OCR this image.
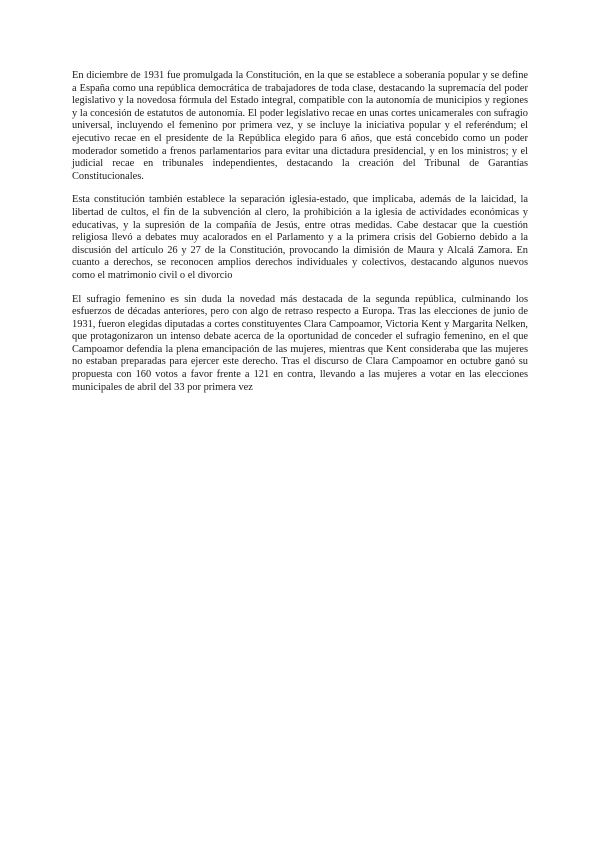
En diciembre de 1931 fue promulgada la Constitución, en la que se establece a soberanía popular y se define a España como una república democrática de trabajadores de toda clase, destacando la supremacía del poder legislativo y la novedosa fórmula del Estado integral, compatible con la autonomía de municipios y regiones y la concesión de estatutos de autonomía. El poder legislativo recae en unas cortes unicamerales con sufragio universal, incluyendo el femenino por primera vez, y se incluye la iniciativa popular y el referéndum; el ejecutivo recae en el presidente de la República elegido para 6 años, que está concebido como un poder moderador sometido a frenos parlamentarios para evitar una dictadura presidencial, y en los ministros; y el judicial recae en tribunales independientes, destacando la creación del Tribunal de Garantías Constitucionales.

Esta constitución también establece la separación iglesia-estado, que implicaba, además de la laicidad, la libertad de cultos, el fin de la subvención al clero, la prohibición a la iglesia de actividades económicas y educativas, y la supresión de la compañía de Jesús, entre otras medidas. Cabe destacar que la cuestión religiosa llevó a debates muy acalorados en el Parlamento y a la primera crisis del Gobierno debido a la discusión del artículo 26 y 27 de la Constitución, provocando la dimisión de Maura y Alcalá Zamora. En cuanto a derechos, se reconocen amplios derechos individuales y colectivos, destacando algunos nuevos como el matrimonio civil o el divorcio

El sufragio femenino es sin duda la novedad más destacada de la segunda república, culminando los esfuerzos de décadas anteriores, pero con algo de retraso respecto a Europa. Tras las elecciones de junio de 1931, fueron elegidas diputadas a cortes constituyentes Clara Campoamor, Victoria Kent y Margarita Nelken, que protagonizaron un intenso debate acerca de la oportunidad de conceder el sufragio femenino, en el que Campoamor defendía la plena emancipación de las mujeres, mientras que Kent consideraba que las mujeres no estaban preparadas para ejercer este derecho. Tras el discurso de Clara Campoamor en octubre ganó su propuesta con 160 votos a favor frente a 121 en contra, llevando a las mujeres a votar en las elecciones municipales de abril del 33 por primera vez
